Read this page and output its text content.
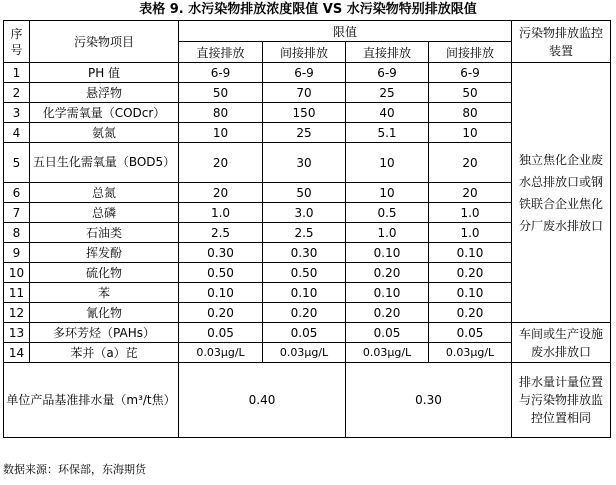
表格 9. 水污染物排放浓度限值 VS 水污染物特别排放限值
序号	污染物项目	限值				污染物排放监控装置
		直接排放	间接排放	直接排放	间接排放	
1	PH 值	6-9	6-9	6-9	6-9	独立焦化企业废水总排放口或钢铁联合企业焦化分厂废水排放口
2	悬浮物	50	70	25	50	
3	化学需氧量（CODcr）	80	150	40	80	
4	氨氮	10	25	5.1	10	
5	五日生化需氧量（BOD5）	20	30	10	20	
6	总氮	20	50	10	20	
7	总磷	1.0	3.0	0.5	1.0	
8	石油类	2.5	2.5	1.0	1.0	
9	挥发酚	0.30	0.30	0.10	0.10	
10	硫化物	0.50	0.50	0.20	0.20	
11	苯	0.10	0.10	0.10	0.10	
12	氰化物	0.20	0.20	0.20	0.20	
13	多环芳烃（PAHs）	0.05	0.05	0.05	0.05	车间或生产设施废水排放口
14	苯并（a）芘	0.03μg/L	0.03μg/L	0.03μg/L	0.03μg/L	
单位产品基准排水量（m³/t焦）		0.40		0.30		排水量计量位置与污染物排放监控位置相同
数据来源：环保部，东海期货
